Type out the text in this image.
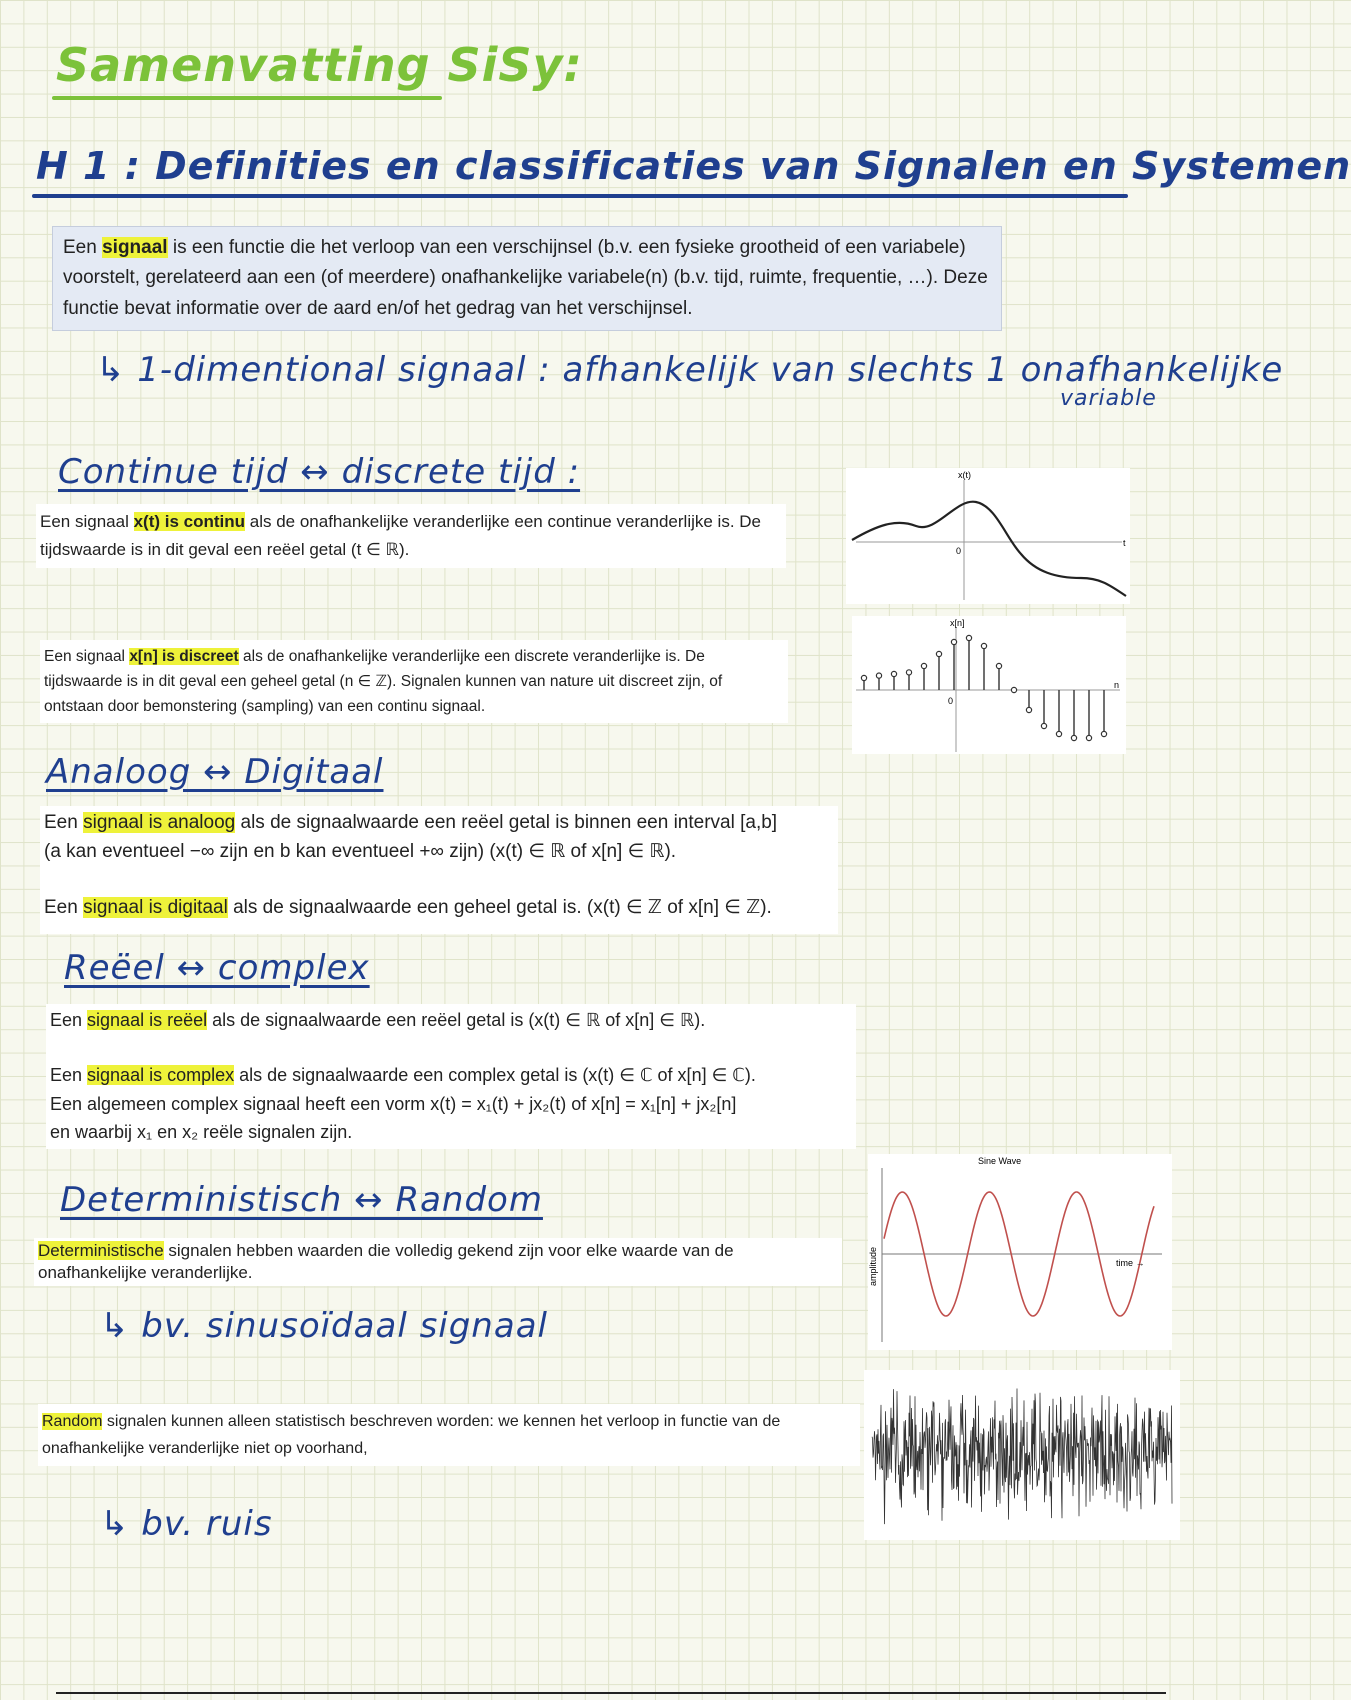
Samenvatting SiSy:
H 1 : Definities en classificaties van Signalen en Systemen
Een signaal is een functie die het verloop van een verschijnsel (b.v. een fysieke grootheid of een variabele) voorstelt, gerelateerd aan een (of meerdere) onafhankelijke variabele(n) (b.v. tijd, ruimte, frequentie, …). Deze functie bevat informatie over de aard en/of het gedrag van het verschijnsel.
↳ 1-dimentional signaal : afhankelijk van slechts 1 onafhankelijke
variable
Continue tijd ↔ discrete tijd :
Een signaal x(t) is continu als de onafhankelijke veranderlijke een continue veranderlijke is. De tijdswaarde is in dit geval een reëel getal (t ∈ ℝ).
Een signaal x[n] is discreet als de onafhankelijke veranderlijke een discrete veranderlijke is. De tijdswaarde is in dit geval een geheel getal (n ∈ ℤ). Signalen kunnen van nature uit discreet zijn, of ontstaan door bemonstering (sampling) van een continu signaal.
x(t)
0
t
x[n]
0
n
Analoog ↔ Digitaal
Een signaal is analoog als de signaalwaarde een reëel getal is binnen een interval [a,b]
(a kan eventueel −∞ zijn en b kan eventueel +∞ zijn) (x(t) ∈ ℝ of x[n] ∈ ℝ).
Een signaal is digitaal als de signaalwaarde een geheel getal is. (x(t) ∈ ℤ of x[n] ∈ ℤ).
Reëel ↔ complex
Een signaal is reëel als de signaalwaarde een reëel getal is (x(t) ∈ ℝ of x[n] ∈ ℝ).
Een signaal is complex als de signaalwaarde een complex getal is (x(t) ∈ ℂ of x[n] ∈ ℂ).
Een algemeen complex signaal heeft een vorm x(t) = x₁(t) + jx₂(t) of x[n] = x₁[n] + jx₂[n]
en waarbij x₁ en x₂ reële signalen zijn.
Deterministisch ↔ Random
Deterministische signalen hebben waarden die volledig gekend zijn voor elke waarde van de onafhankelijke veranderlijke.
↳ bv. sinusoïdaal signaal
Random signalen kunnen alleen statistisch beschreven worden: we kennen het verloop in functie van de onafhankelijke veranderlijke niet op voorhand,
↳ bv. ruis
Sine Wave
amplitude	time →
